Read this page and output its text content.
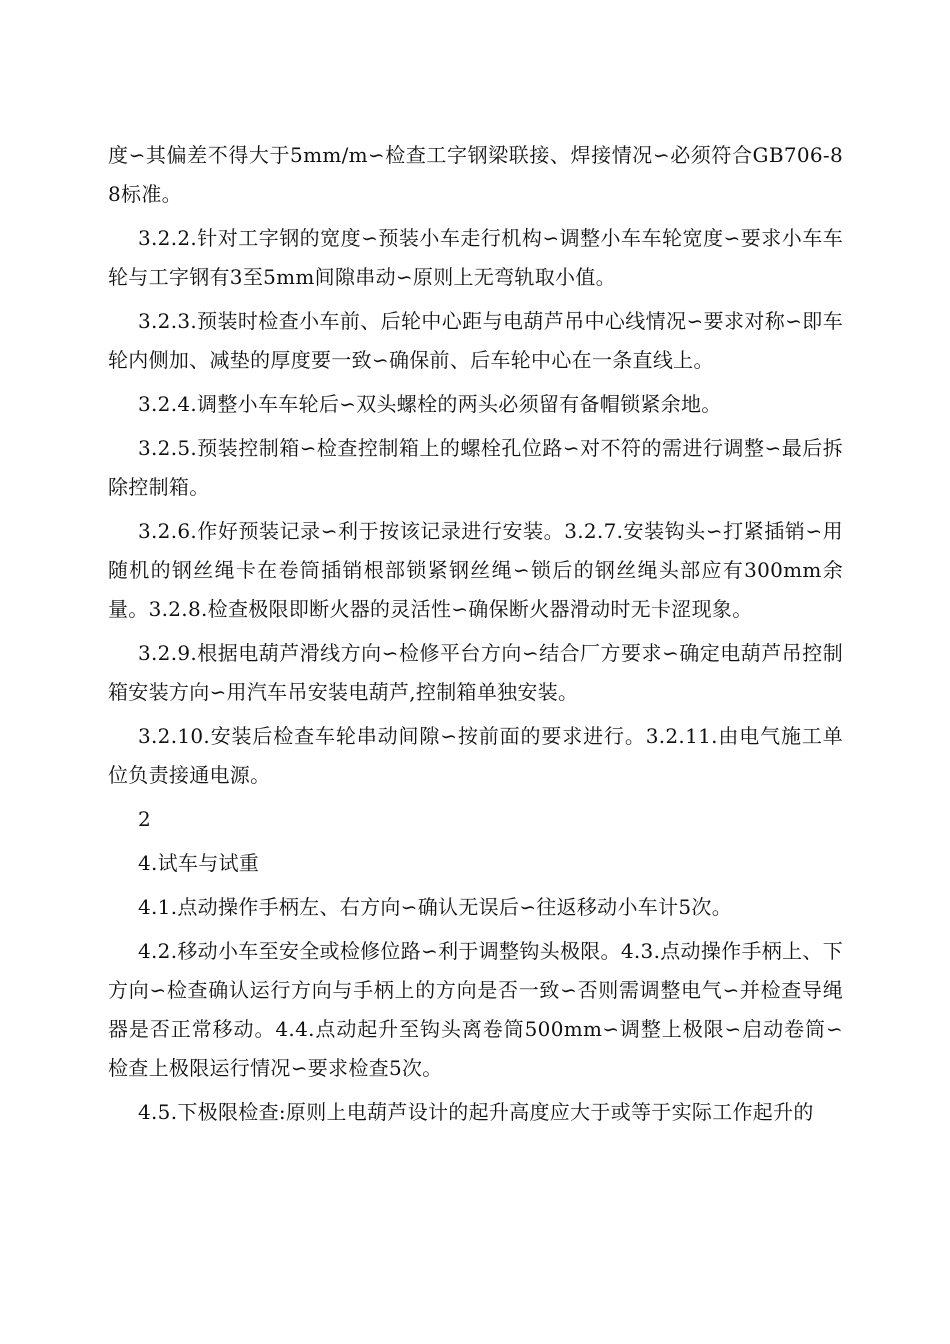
度∽其偏差不得大于5mm/m∽检查工字钢梁联接、焊接情况∽必须符合GB706-88标准。

3.2.2.针对工字钢的宽度∽预装小车走行机构∽调整小车车轮宽度∽要求小车车轮与工字钢有3至5mm间隙串动∽原则上无弯轨取小值。

3.2.3.预装时检查小车前、后轮中心距与电葫芦吊中心线情况∽要求对称∽即车轮内侧加、减垫的厚度要一致∽确保前、后车轮中心在一条直线上。

3.2.4.调整小车车轮后∽双头螺栓的两头必须留有备帽锁紧余地。

3.2.5.预装控制箱∽检查控制箱上的螺栓孔位路∽对不符的需进行调整∽最后拆除控制箱。

3.2.6.作好预装记录∽利于按该记录进行安装。3.2.7.安装钩头∽打紧插销∽用随机的钢丝绳卡在卷筒插销根部锁紧钢丝绳∽锁后的钢丝绳头部应有300mm余量。3.2.8.检查极限即断火器的灵活性∽确保断火器滑动时无卡涩现象。

3.2.9.根据电葫芦滑线方向∽检修平台方向∽结合厂方要求∽确定电葫芦吊控制箱安装方向∽用汽车吊安装电葫芦,控制箱单独安装。

3.2.10.安装后检查车轮串动间隙∽按前面的要求进行。3.2.11.由电气施工单位负责接通电源。

2

4.试车与试重

4.1.点动操作手柄左、右方向∽确认无误后∽往返移动小车计5次。

4.2.移动小车至安全或检修位路∽利于调整钩头极限。4.3.点动操作手柄上、下方向∽检查确认运行方向与手柄上的方向是否一致∽否则需调整电气∽并检查导绳器是否正常移动。4.4.点动起升至钩头离卷筒500mm∽调整上极限∽启动卷筒∽检查上极限运行情况∽要求检查5次。

4.5.下极限检查:原则上电葫芦设计的起升高度应大于或等于实际工作起升的
